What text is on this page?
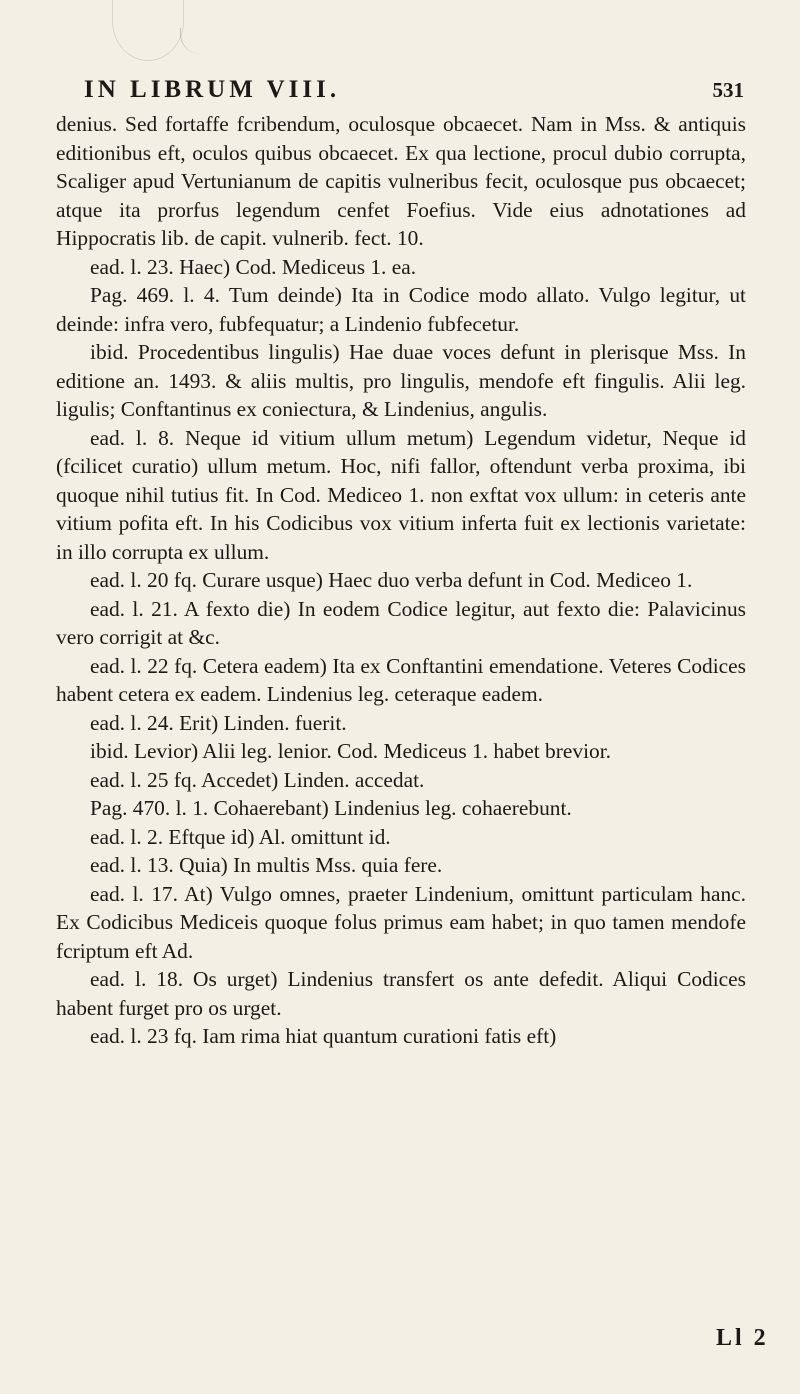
IN LIBRUM VIII.	531

denius. Sed fortaffe fcribendum, oculosque obcaecet. Nam in Mss. & antiquis editionibus eft, oculos quibus obcaecet. Ex qua lectione, procul dubio corrupta, Scaliger apud Vertunianum de capitis vulneribus fecit, oculosque pus obcaecet; atque ita prorfus legendum cenfet Foefius. Vide eius adnotationes ad Hippocratis lib. de capit. vulnerib. fect. 10.

ead. l. 23. Haec) Cod. Mediceus 1. ea.

Pag. 469. l. 4. Tum deinde) Ita in Codice modo allato. Vulgo legitur, ut deinde: infra vero, fubfequatur; a Lindenio fubfecetur.

ibid. Procedentibus lingulis) Hae duae voces defunt in plerisque Mss. In editione an. 1493. & aliis multis, pro lingulis, mendofe eft fingulis. Alii leg. ligulis; Conftantinus ex coniectura, & Lindenius, angulis.

ead. l. 8. Neque id vitium ullum metum) Legendum videtur, Neque id (fcilicet curatio) ullum metum. Hoc, nifi fallor, oftendunt verba proxima, ibi quoque nihil tutius fit. In Cod. Mediceo 1. non exftat vox ullum: in ceteris ante vitium pofita eft. In his Codicibus vox vitium inferta fuit ex lectionis varietate: in illo corrupta ex ullum.

ead. l. 20 fq. Curare usque) Haec duo verba defunt in Cod. Mediceo 1.

ead. l. 21. A fexto die) In eodem Codice legitur, aut fexto die: Palavicinus vero corrigit at &c.

ead. l. 22 fq. Cetera eadem) Ita ex Conftantini emendatione. Veteres Codices habent cetera ex eadem. Lindenius leg. ceteraque eadem.

ead. l. 24. Erit) Linden. fuerit.

ibid. Levior) Alii leg. lenior. Cod. Mediceus 1. habet brevior.

ead. l. 25 fq. Accedet) Linden. accedat.

Pag. 470. l. 1. Cohaerebant) Lindenius leg. cohaerebunt.

ead. l. 2. Eftque id) Al. omittunt id.

ead. l. 13. Quia) In multis Mss. quia fere.

ead. l. 17. At) Vulgo omnes, praeter Lindenium, omittunt particulam hanc. Ex Codicibus Mediceis quoque folus primus eam habet; in quo tamen mendofe fcriptum eft Ad.

ead. l. 18. Os urget) Lindenius transfert os ante defedit. Aliqui Codices habent furget pro os urget.

ead. l. 23 fq. Iam rima hiat quantum curationi fatis eft)

Ll 2
